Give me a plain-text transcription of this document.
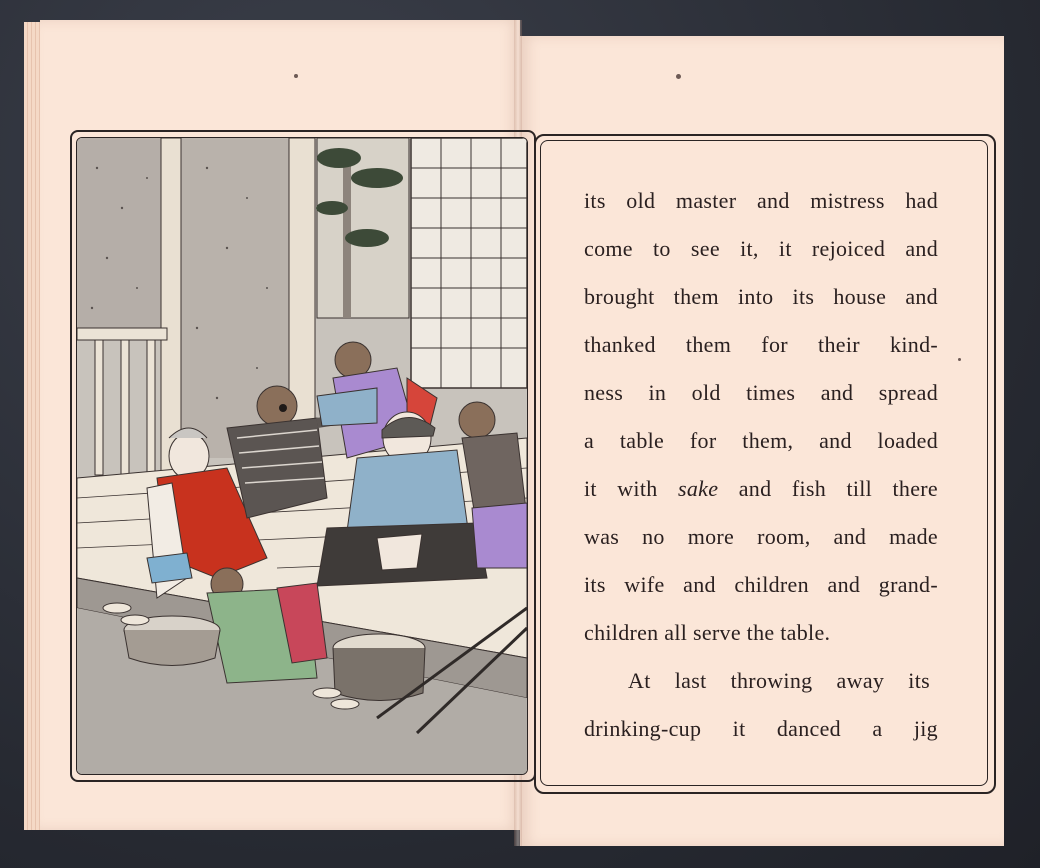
its old master and mistress had
come to see it, it rejoiced and
brought them into its house and
thanked them for their kind-
ness in old times and spread
a table for them, and loaded
it with sake and fish till there
was no more room, and made
its wife and children and grand-
children all serve the table.
At last throwing away its
drinking-cup it danced a jig
